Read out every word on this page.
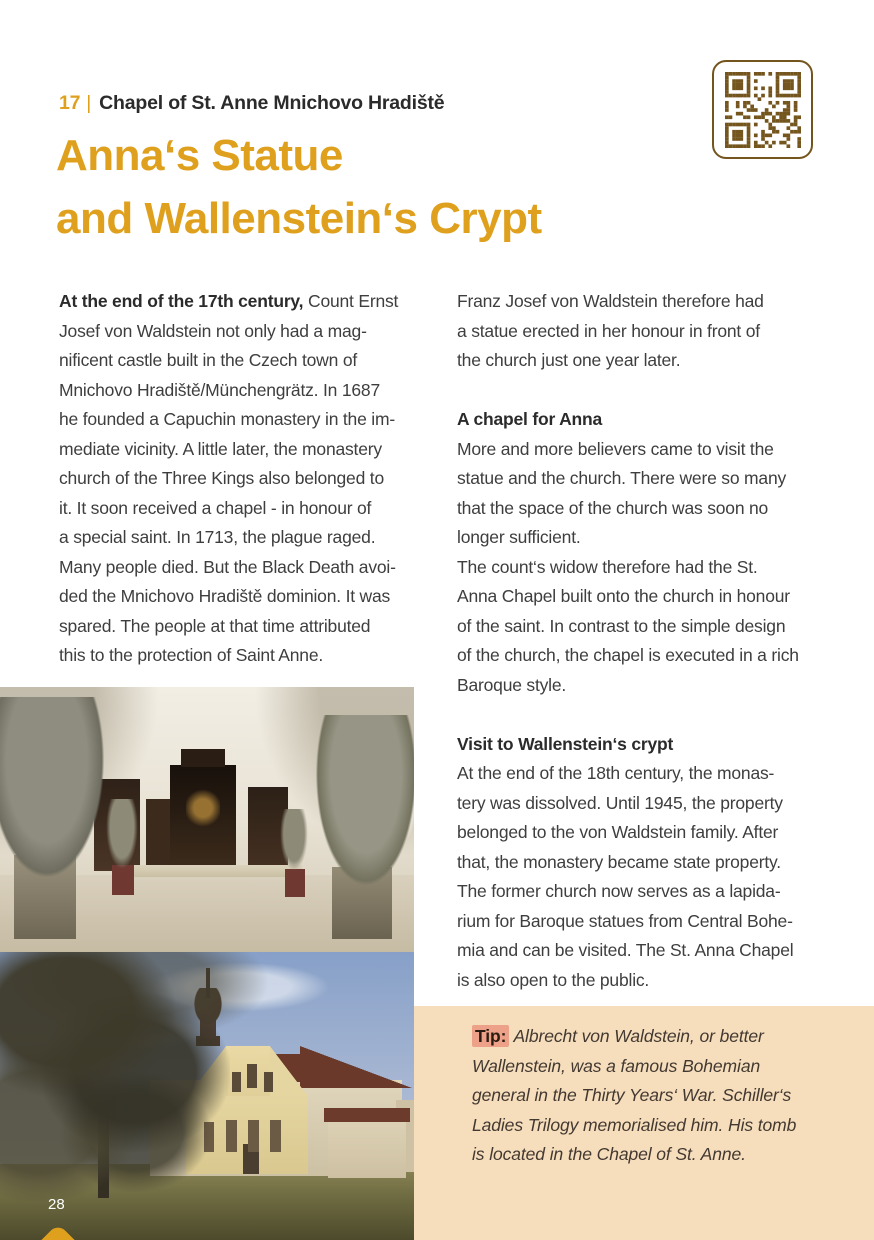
17 | Chapel of St. Anne Mnichovo Hradiště
Anna‘s Statue
and Wallenstein‘s Crypt
At the end of the 17th century, Count Ernst
Josef von Waldstein not only had a mag-
nificent castle built in the Czech town of
Mnichovo Hradiště/Münchengrätz. In 1687
he founded a Capuchin monastery in the im-
mediate vicinity. A little later, the monastery
church of the Three Kings also belonged to
it. It soon received a chapel - in honour of
a special saint. In 1713, the plague raged.
Many people died. But the Black Death avoi-
ded the Mnichovo Hradiště dominion. It was
spared. The people at that time attributed
this to the protection of Saint Anne.
Franz Josef von Waldstein therefore had
a statue erected in her honour in front of
the church just one year later.
A chapel for Anna
More and more believers came to visit the
statue and the church. There were so many
that the space of the church was soon no
longer sufficient.
The count‘s widow therefore had the St.
Anna Chapel built onto the church in honour
of the saint. In contrast to the simple design
of the church, the chapel is executed in a rich
Baroque style.
Visit to Wallenstein‘s crypt
At the end of the 18th century, the monas-
tery was dissolved. Until 1945, the property
belonged to the von Waldstein family. After
that, the monastery became state property.
The former church now serves as a lapida-
rium for Baroque statues from Central Bohe-
mia and can be visited. The St. Anna Chapel
is also open to the public.
28
Tip: Albrecht von Waldstein, or better
Wallenstein, was a famous Bohemian
general in the Thirty Years‘ War. Schiller‘s
Ladies Trilogy memorialised him. His tomb
is located in the Chapel of St. Anne.
